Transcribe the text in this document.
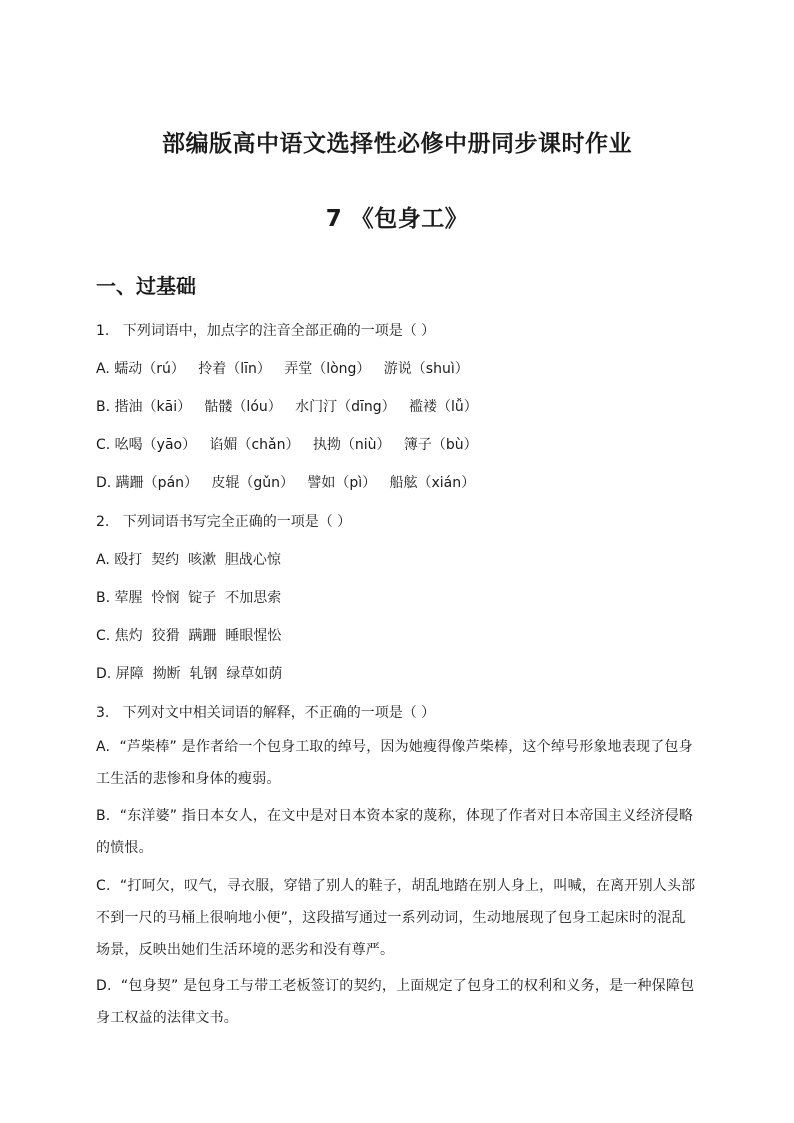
部编版高中语文选择性必修中册同步课时作业
7 《包身工》
一、过基础
1.   下列词语中，加点字的注音全部正确的一项是（ ）
A. 蠕动（rú）   拎着（līn）   弄堂（lòng）   游说（shuì）
B. 揩油（kāi）   骷髅（lóu）   水门汀（dīng）   褴褛（lǚ）
C. 吆喝（yāo）   谄媚（chǎn）   执拗（niù）   簿子（bù）
D. 蹒跚（pán）   皮辊（gǔn）   譬如（pì）   船舷（xián）
2.   下列词语书写完全正确的一项是（ ）
A. 殴打  契约  咳漱  胆战心惊
B. 荤腥  怜悯  锭子  不加思索
C. 焦灼  狡猾  蹒跚  睡眼惺忪
D. 屏障  拗断  轧钢  绿草如荫
3.   下列对文中相关词语的解释，不正确的一项是（ ）

A.  “芦柴棒” 是作者给一个包身工取的绰号，因为她瘦得像芦柴棒，这个绰号形象地表现了包身工生活的悲惨和身体的瘦弱。

B.  “东洋婆” 指日本女人，在文中是对日本资本家的蔑称，体现了作者对日本帝国主义经济侵略的愤恨。

C.  “打呵欠，叹气，寻衣服，穿错了别人的鞋子，胡乱地踏在别人身上，叫喊，在离开别人头部不到一尺的马桶上很响地小便”，这段描写通过一系列动词，生动地展现了包身工起床时的混乱场景，反映出她们生活环境的恶劣和没有尊严。

D.  “包身契” 是包身工与带工老板签订的契约，上面规定了包身工的权利和义务，是一种保障包身工权益的法律文书。
